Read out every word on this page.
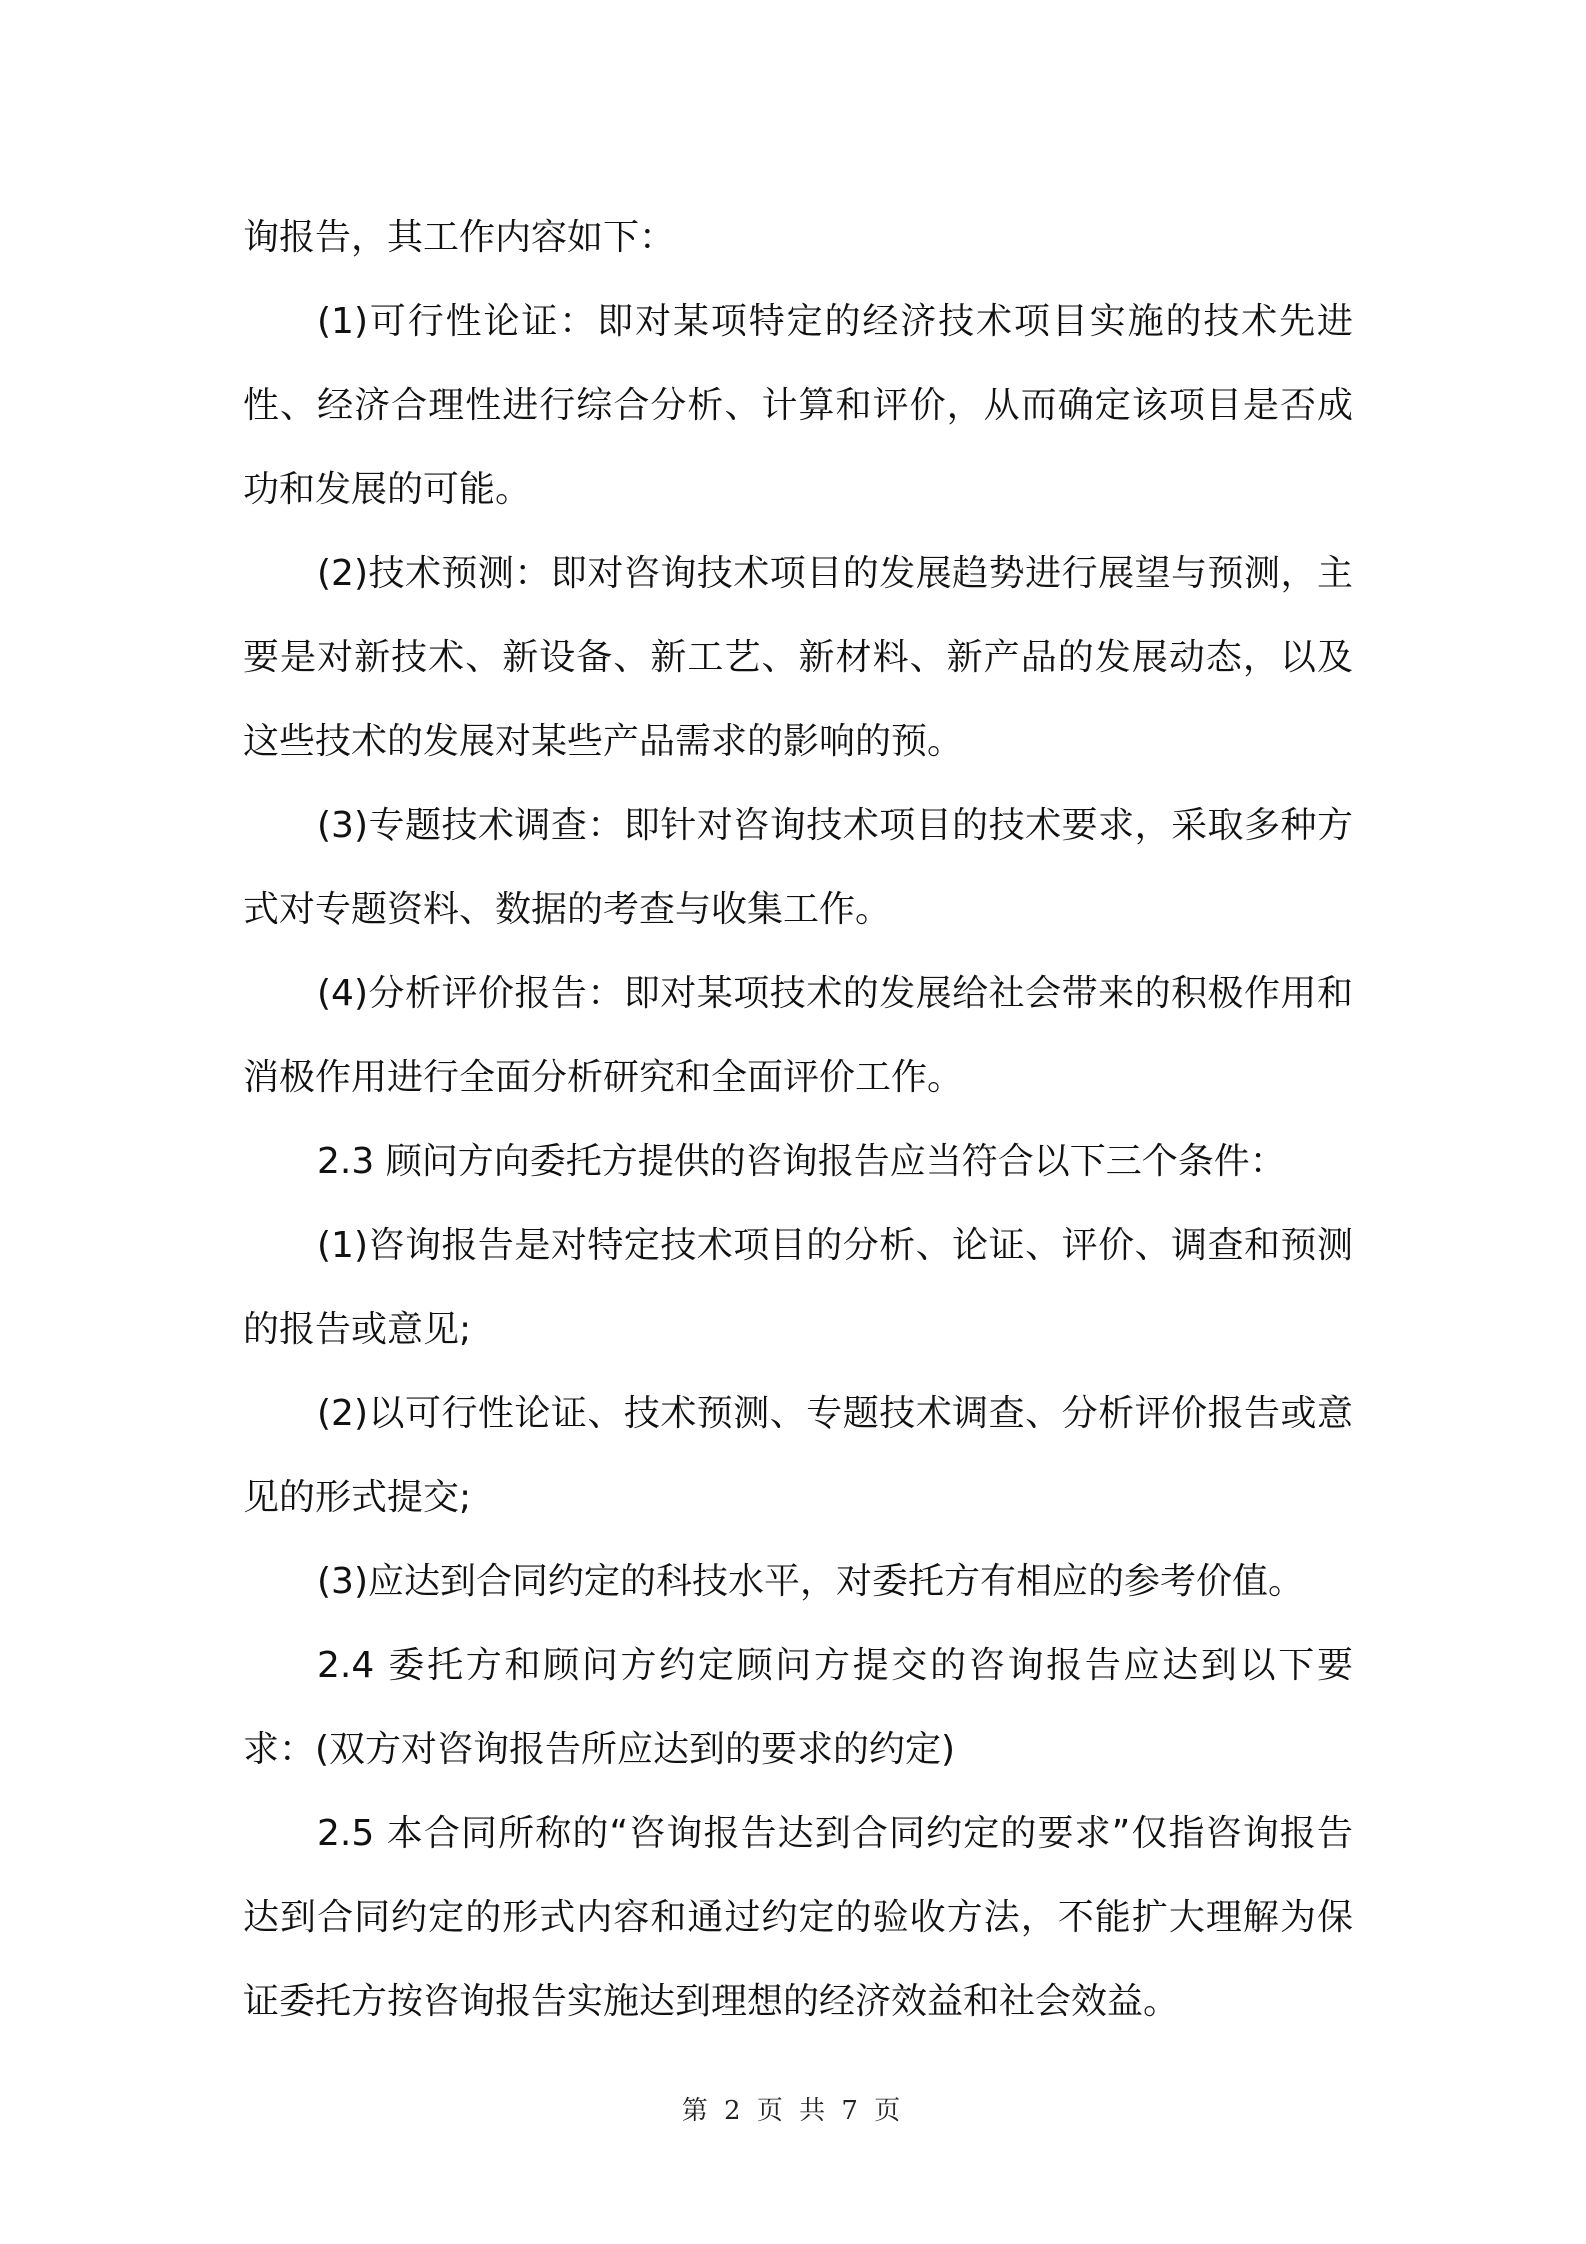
询报告，其工作内容如下：

(1)可行性论证：即对某项特定的经济技术项目实施的技术先进性、经济合理性进行综合分析、计算和评价，从而确定该项目是否成功和发展的可能。

(2)技术预测：即对咨询技术项目的发展趋势进行展望与预测，主要是对新技术、新设备、新工艺、新材料、新产品的发展动态，以及这些技术的发展对某些产品需求的影响的预。

(3)专题技术调查：即针对咨询技术项目的技术要求，采取多种方式对专题资料、数据的考查与收集工作。

(4)分析评价报告：即对某项技术的发展给社会带来的积极作用和消极作用进行全面分析研究和全面评价工作。

2.3 顾问方向委托方提供的咨询报告应当符合以下三个条件：

(1)咨询报告是对特定技术项目的分析、论证、评价、调查和预测的报告或意见;

(2)以可行性论证、技术预测、专题技术调查、分析评价报告或意见的形式提交;

(3)应达到合同约定的科技水平，对委托方有相应的参考价值。

2.4 委托方和顾问方约定顾问方提交的咨询报告应达到以下要求：(双方对咨询报告所应达到的要求的约定)

2.5 本合同所称的“咨询报告达到合同约定的要求”仅指咨询报告达到合同约定的形式内容和通过约定的验收方法，不能扩大理解为保证委托方按咨询报告实施达到理想的经济效益和社会效益。

第 2 页 共 7 页
